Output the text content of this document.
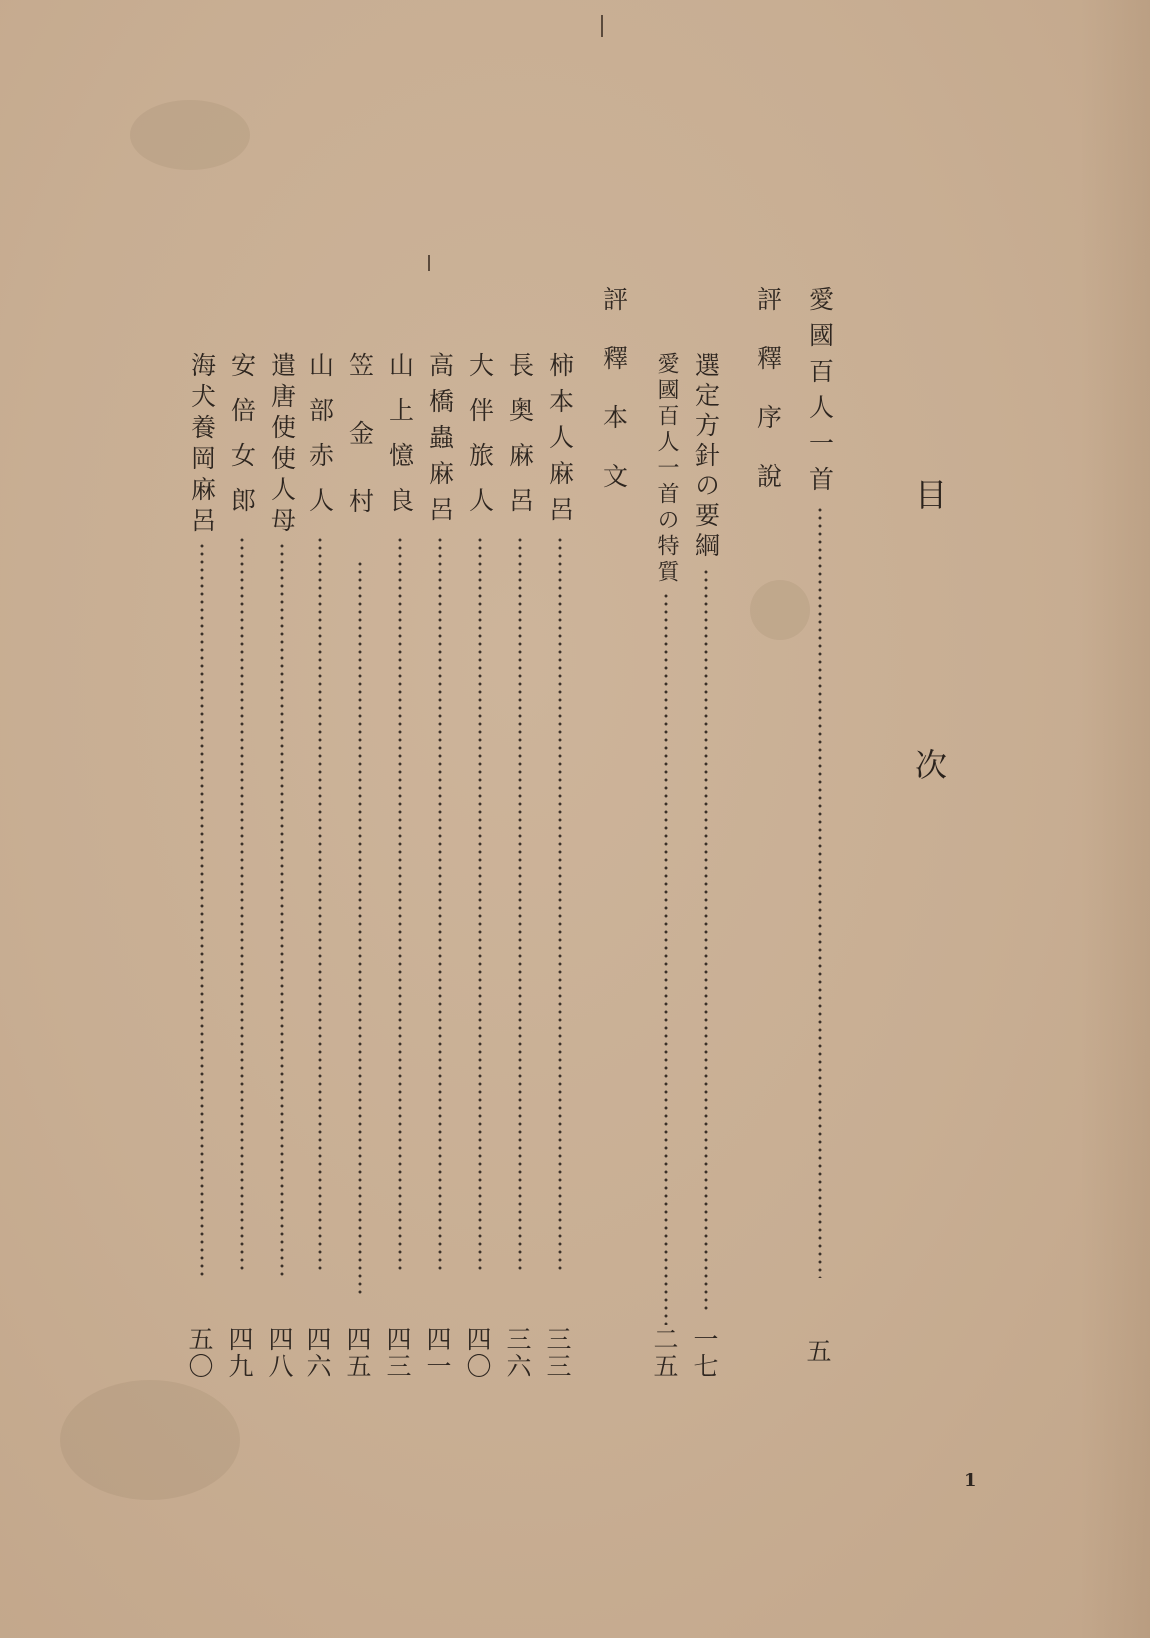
目
次
愛國百人一首
五
評釋序說
選定方針の要綱
一七
愛國百人一首の特質
二五
評釋本文
柿本人麻呂
三三
長奥麻呂
三六
大伴旅人
四〇
高橋蟲麻呂
四一
山上憶良
四三
笠金村
四五
山部赤人
四六
遣唐使使人母
四八
安倍女郎
四九
海犬養岡麻呂
五〇
1
